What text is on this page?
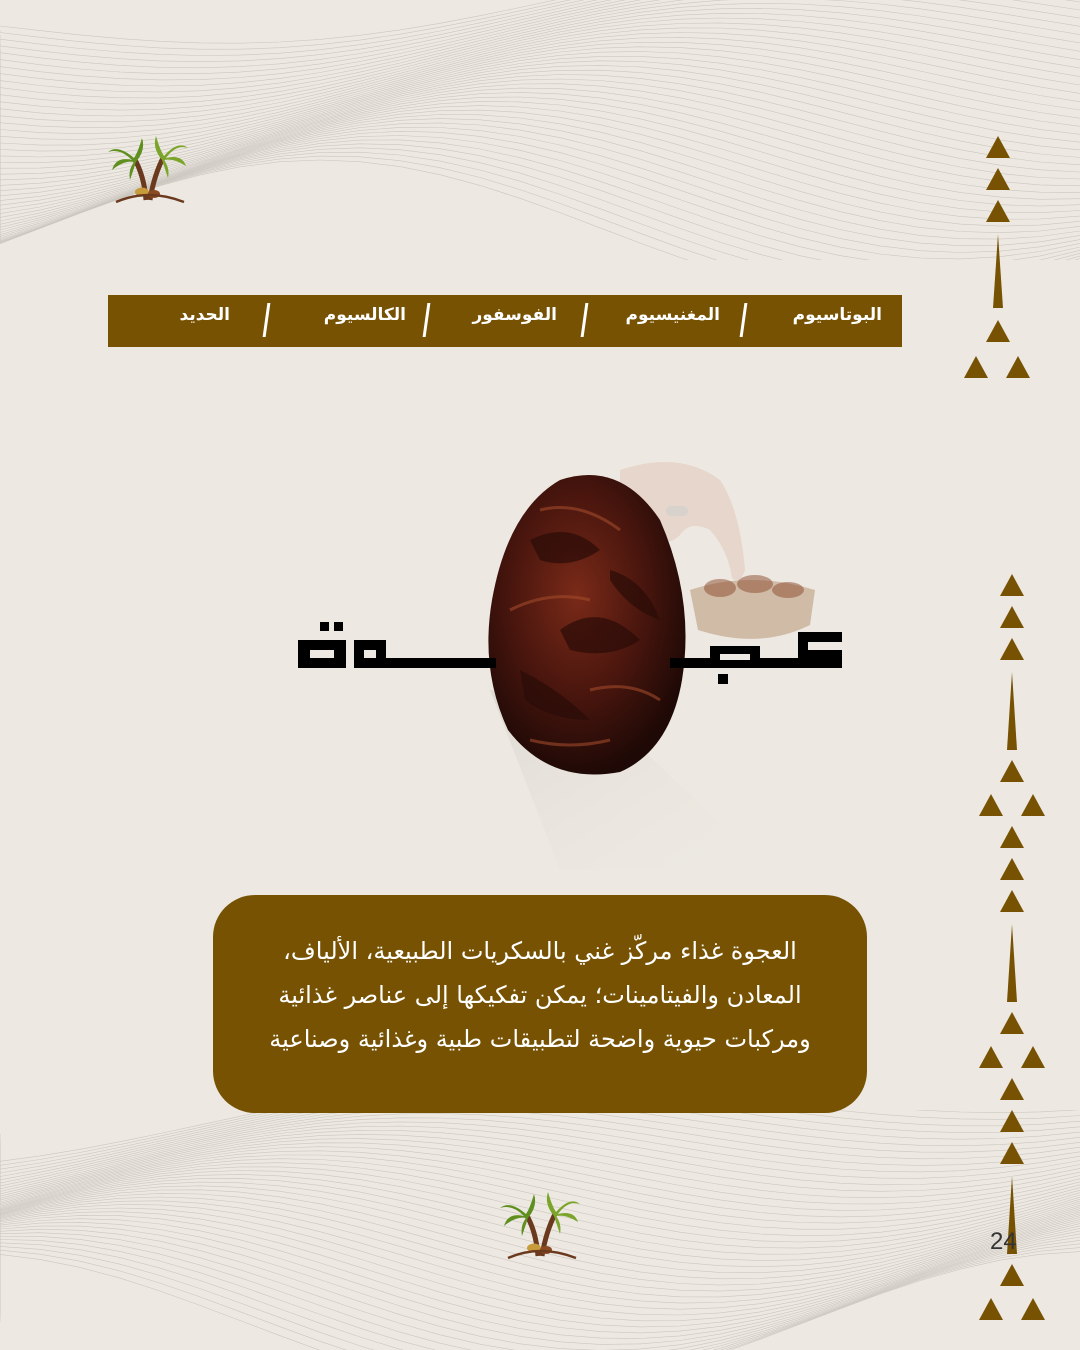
البوتاسيوم
المغنيسيوم
الفوسفور
الكالسيوم
الحديد

العجوة غذاء مركّز غني بالسكريات الطبيعية، الألياف،

المعادن والفيتامينات؛ يمكن تفكيكها إلى عناصر غذائية

ومركبات حيوية واضحة لتطبيقات طبية وغذائية وصناعية

24
